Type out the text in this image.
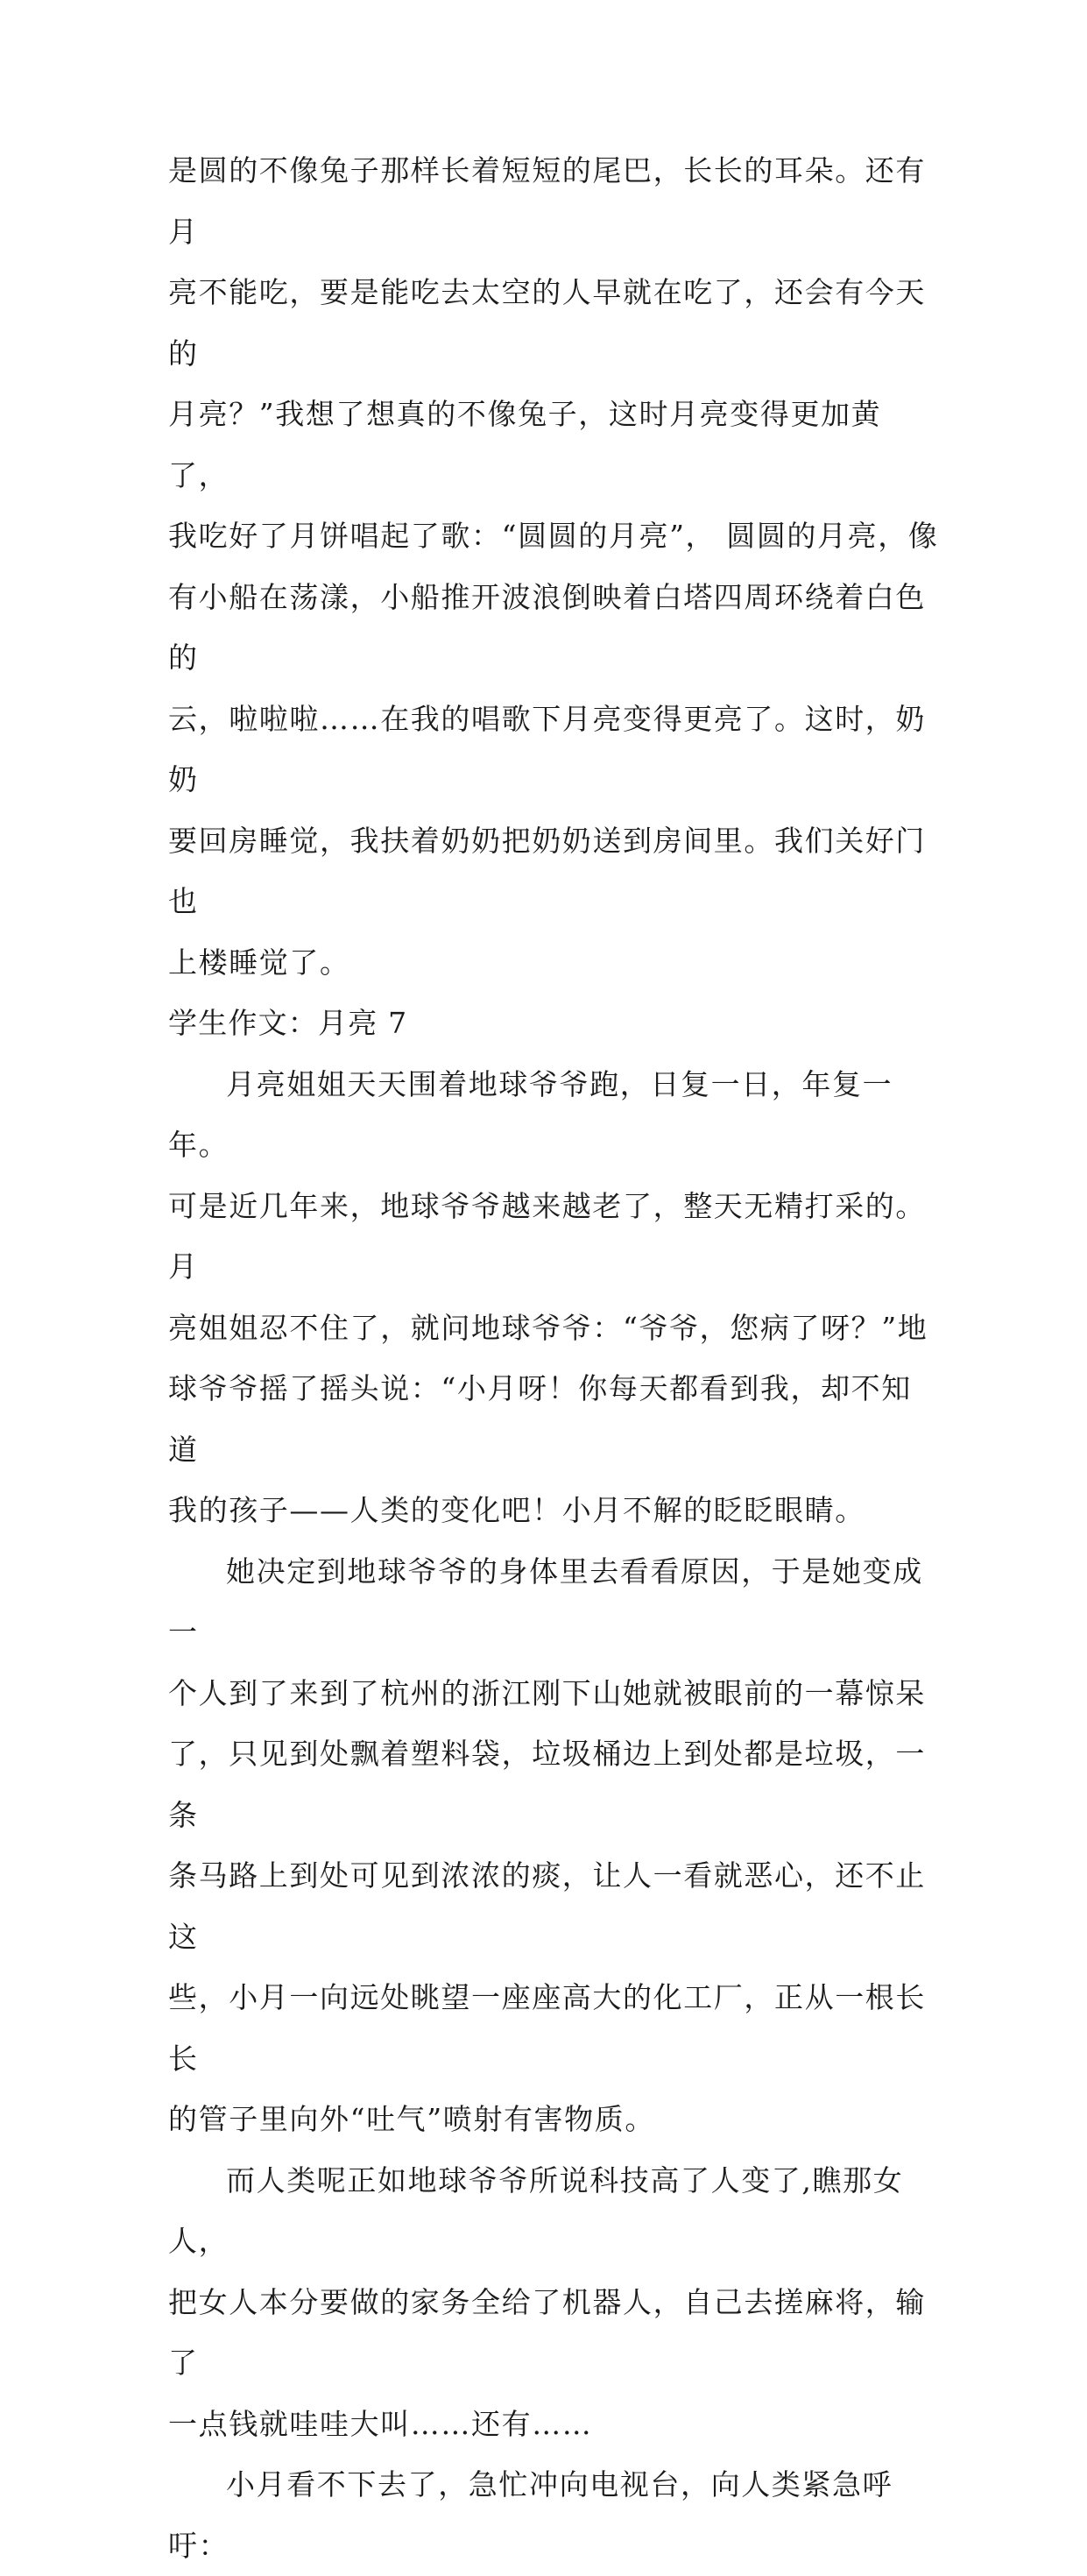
是圆的不像兔子那样长着短短的尾巴，长长的耳朵。还有月
亮不能吃，要是能吃去太空的人早就在吃了，还会有今天的
月亮？”我想了想真的不像兔子，这时月亮变得更加黄了，
我吃好了月饼唱起了歌：“圆圆的月亮”， 圆圆的月亮，像
有小船在荡漾，小船推开波浪倒映着白塔四周环绕着白色的
云，啦啦啦……在我的唱歌下月亮变得更亮了。这时，奶奶
要回房睡觉，我扶着奶奶把奶奶送到房间里。我们关好门也
上楼睡觉了。

学生作文：月亮 7

月亮姐姐天天围着地球爷爷跑，日复一日，年复一年。
可是近几年来，地球爷爷越来越老了，整天无精打采的。月
亮姐姐忍不住了，就问地球爷爷：“爷爷，您病了呀？”地
球爷爷摇了摇头说：“小月呀！你每天都看到我，却不知道
我的孩子——人类的变化吧！小月不解的眨眨眼睛。

她决定到地球爷爷的身体里去看看原因，于是她变成一
个人到了来到了杭州的浙江刚下山她就被眼前的一幕惊呆
了，只见到处飘着塑料袋，垃圾桶边上到处都是垃圾，一条
条马路上到处可见到浓浓的痰，让人一看就恶心，还不止这
些，小月一向远处眺望一座座高大的化工厂，正从一根长长
的管子里向外“吐气”喷射有害物质。

而人类呢正如地球爷爷所说科技高了人变了,瞧那女人，
把女人本分要做的家务全给了机器人，自己去搓麻将，输了
一点钱就哇哇大叫……还有……

小月看不下去了，急忙冲向电视台，向人类紧急呼吁：
